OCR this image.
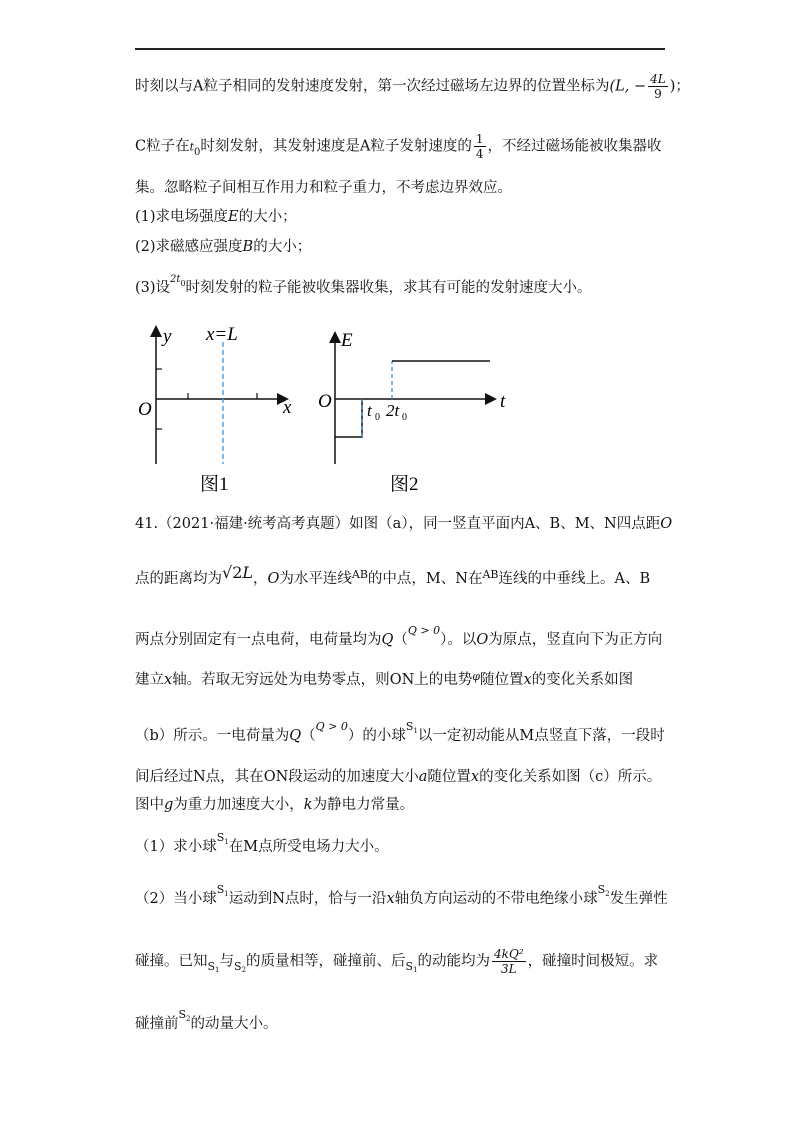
时刻以与A粒子相同的发射速度发射，第一次经过磁场左边界的位置坐标为(L, − $\frac{4L}{9}$ )；
C粒子在$t_0$时刻发射，其发射速度是A粒子发射速度的 $\frac{1}{4}$ ，不经过磁场能被收集器收
集。忽略粒子间相互作用力和粒子重力，不考虑边界效应。
(1)求电场强度E的大小；
(2)求磁感应强度B的大小；
(3)设$^{2t0}$时刻发射的粒子能被收集器收集，求其有可能的发射速度大小。
y x=L
O	x
图1
E
O	t
t 0 2t 0
图2
41.（2021·福建·统考高考真题）如图（a），同一竖直平面内A、B、M、N四点距O
点的距离均为√2L，O为水平连线$^{AB}$的中点，M、N在$^{AB}$连线的中垂线上。A、B
两点分别固定有一点电荷，电荷量均为Q（$^{Q > 0}$）。以O为原点，竖直向下为正方向
建立x轴。若取无穷远处为电势零点，则ON上的电势$^\varphi$随位置x的变化关系如图
（b）所示。一电荷量为Q（$^{Q > 0}$）的小球$^{S1}$以一定初动能从M点竖直下落，一段时
间后经过N点，其在ON段运动的加速度大小a随位置x的变化关系如图（c）所示。
图中g为重力加速度大小，k为静电力常量。
（1）求小球$^{S1}$在M点所受电场力大小。
（2）当小球$^{S1}$运动到N点时，恰与一沿x轴负方向运动的不带电绝缘小球$^{S2}$发生弹性
碰撞。已知$_{S1}$与$_{S2}$的质量相等，碰撞前、后$_{S1}$的动能均为 $\frac{\text{4kQ²}}{3L}$ ，碰撞时间极短。求
碰撞前$^{S2}$的动量大小。
